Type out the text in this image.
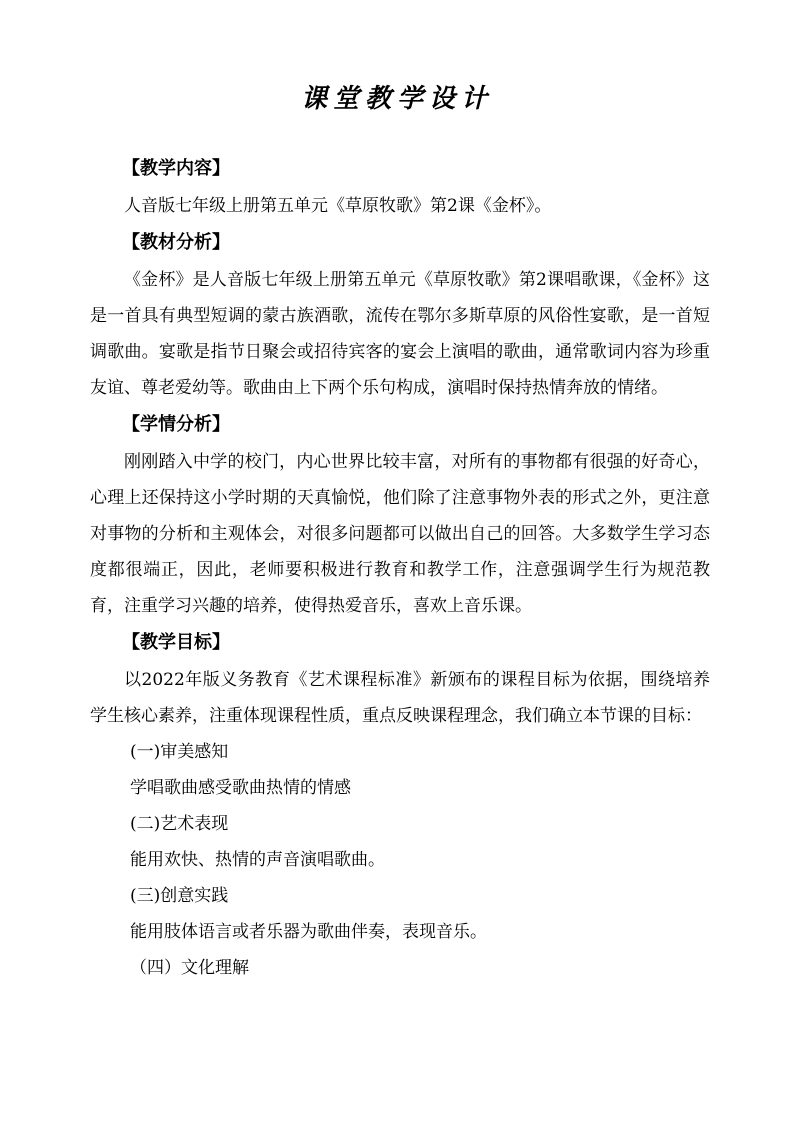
课堂教学设计
【教学内容】

人音版七年级上册第五单元《草原牧歌》第2课《金杯》。

【教材分析】

《金杯》是人音版七年级上册第五单元《草原牧歌》第2课唱歌课，《金杯》这是一首具有典型短调的蒙古族酒歌，流传在鄂尔多斯草原的风俗性宴歌，是一首短调歌曲。宴歌是指节日聚会或招待宾客的宴会上演唱的歌曲，通常歌词内容为珍重友谊、尊老爱幼等。歌曲由上下两个乐句构成，演唱时保持热情奔放的情绪。

【学情分析】

刚刚踏入中学的校门，内心世界比较丰富，对所有的事物都有很强的好奇心，心理上还保持这小学时期的天真愉悦，他们除了注意事物外表的形式之外，更注意对事物的分析和主观体会，对很多问题都可以做出自己的回答。大多数学生学习态度都很端正，因此，老师要积极进行教育和教学工作，注意强调学生行为规范教育，注重学习兴趣的培养，使得热爱音乐，喜欢上音乐课。

【教学目标】

以2022年版义务教育《艺术课程标准》新颁布的课程目标为依据，围绕培养学生核心素养，注重体现课程性质，重点反映课程理念，我们确立本节课的目标：

(一)审美感知
学唱歌曲感受歌曲热情的情感
(二)艺术表现
能用欢快、热情的声音演唱歌曲。
(三)创意实践
能用肢体语言或者乐器为歌曲伴奏，表现音乐。
（四）文化理解
